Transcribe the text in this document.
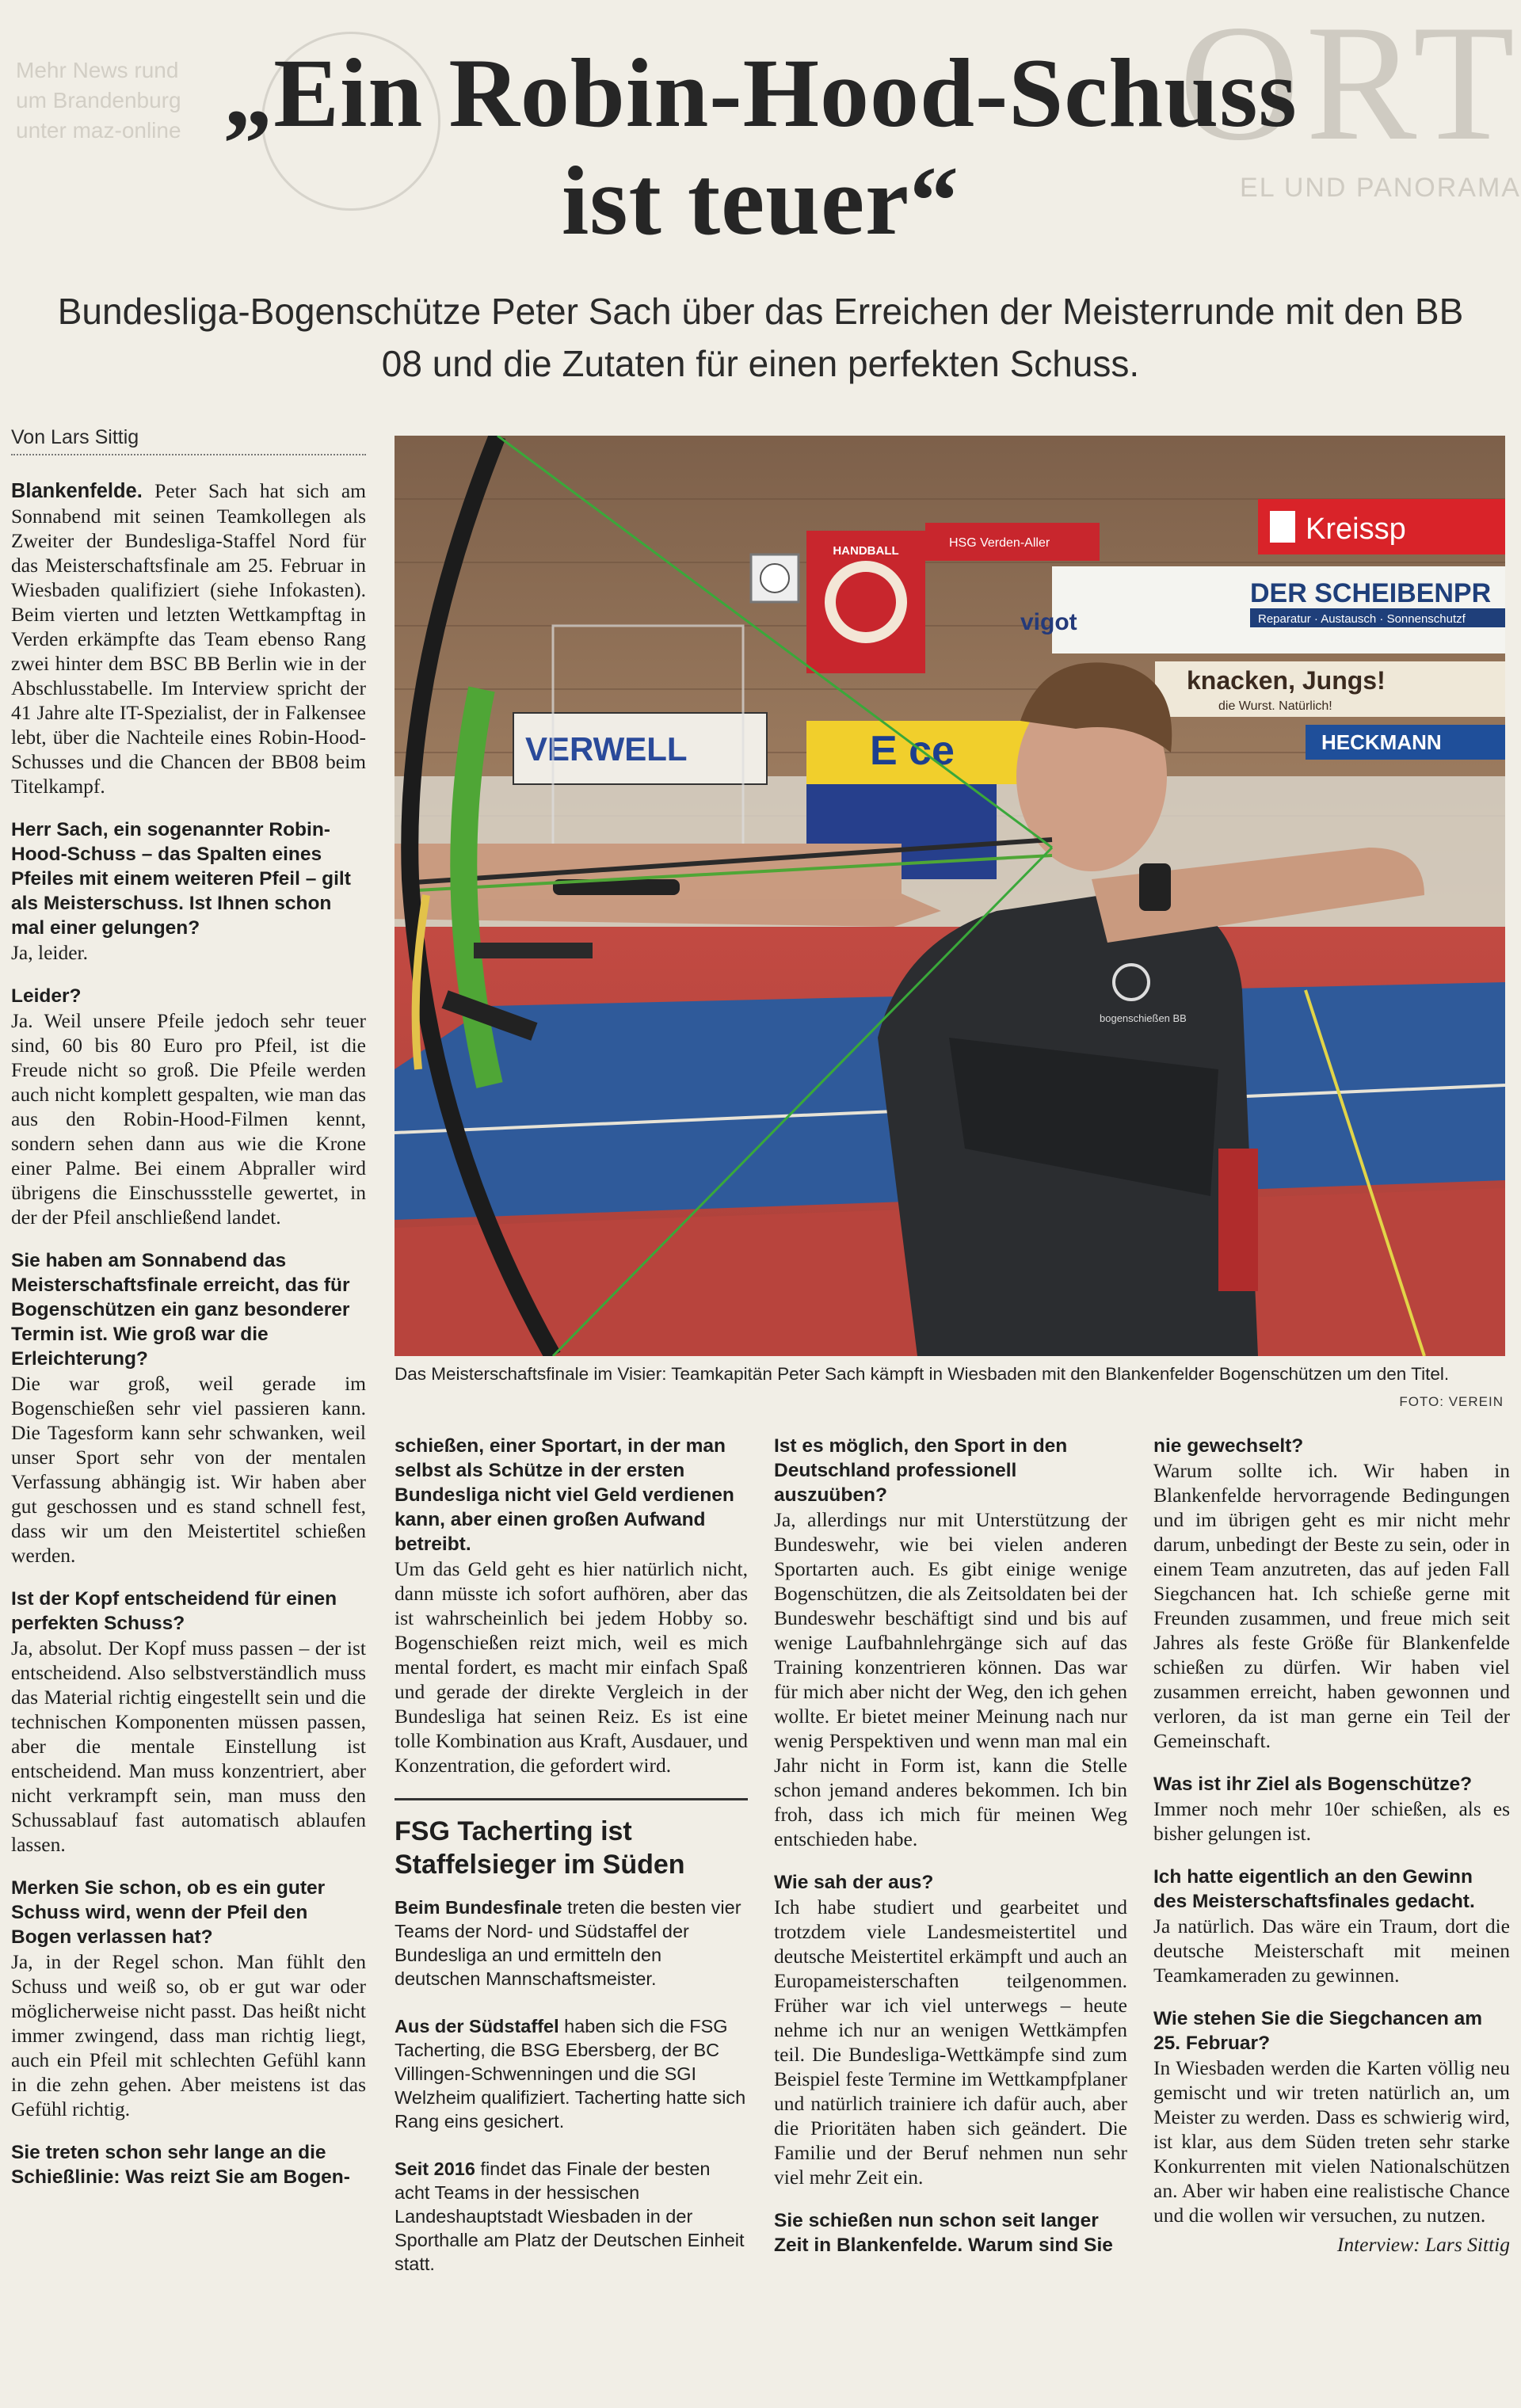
ORT
EL UND PANORAMA
Mehr News rund
um Brandenburg
unter maz-online „Ein Robin-Hood-Schuss
ist teuer“
Bundesliga-Bogenschütze Peter Sach über das Erreichen der Meisterrunde mit den BB 08 und die Zutaten für einen perfekten Schuss.
Von Lars Sittig

Blankenfelde. Peter Sach hat sich am Sonnabend mit seinen Teamkollegen als Zweiter der Bundesliga-Staffel Nord für das Meisterschaftsfinale am 25. Februar in Wiesbaden qualifiziert (siehe Infokasten). Beim vierten und letzten Wettkampftag in Verden erkämpfte das Team ebenso Rang zwei hinter dem BSC BB Berlin wie in der Abschlusstabelle. Im Interview spricht der 41 Jahre alte IT-Spezialist, der in Falkensee lebt, über die Nachteile eines Robin-Hood-Schusses und die Chancen der BB08 beim Titelkampf.

Herr Sach, ein sogenannter Robin-Hood-Schuss – das Spalten eines Pfeiles mit einem weiteren Pfeil – gilt als Meisterschuss. Ist Ihnen schon mal einer gelungen?

Ja, leider.

Leider?

Ja. Weil unsere Pfeile jedoch sehr teuer sind, 60 bis 80 Euro pro Pfeil, ist die Freude nicht so groß. Die Pfeile werden auch nicht komplett gespalten, wie man das aus den Robin-Hood-Filmen kennt, sondern sehen dann aus wie die Krone einer Palme. Bei einem Abpraller wird übrigens die Einschussstelle gewertet, in der der Pfeil anschließend landet.

Sie haben am Sonnabend das Meisterschaftsfinale erreicht, das für Bogenschützen ein ganz besonderer Termin ist. Wie groß war die Erleichterung?

Die war groß, weil gerade im Bogenschießen sehr viel passieren kann. Die Tagesform kann sehr schwanken, weil unser Sport sehr von der mentalen Verfassung abhängig ist. Wir haben aber gut geschossen und es stand schnell fest, dass wir um den Meistertitel schießen werden.

Ist der Kopf entscheidend für einen perfekten Schuss?

Ja, absolut. Der Kopf muss passen – der ist entscheidend. Also selbstverständlich muss das Material richtig eingestellt sein und die technischen Komponenten müssen passen, aber die mentale Einstellung ist entscheidend. Man muss konzentriert, aber nicht verkrampft sein, man muss den Schussablauf fast automatisch ablaufen lassen.

Merken Sie schon, ob es ein guter Schuss wird, wenn der Pfeil den Bogen verlassen hat?

Ja, in der Regel schon. Man fühlt den Schuss und weiß so, ob er gut war oder möglicherweise nicht passt. Das heißt nicht immer zwingend, dass man richtig liegt, auch ein Pfeil mit schlechten Gefühl kann in die zehn gehen. Aber meistens ist das Gefühl richtig.

Sie treten schon sehr lange an die Schießlinie: Was reizt Sie am Bogen-

HANDBALL
HSG Verden-Aller	Kreissp
DER SCHEIBENPR
Reparatur · Austausch · Sonnenschutzf
vigot
knacken, Jungs!
die Wurst. Natürlich!
HECKMANN
E ce
VERWELL
bogenschießen BB
Das Meisterschaftsfinale im Visier: Teamkapitän Peter Sach kämpft in Wiesbaden mit den Blankenfelder Bogenschützen um den Titel.
FOTO: VEREIN

schießen, einer Sportart, in der man selbst als Schütze in der ersten Bundesliga nicht viel Geld verdienen kann, aber einen großen Aufwand betreibt.

Um das Geld geht es hier natürlich nicht, dann müsste ich sofort aufhören, aber das ist wahrscheinlich bei jedem Hobby so. Bogenschießen reizt mich, weil es mich mental fordert, es macht mir einfach Spaß und gerade der direkte Vergleich in der Bundesliga hat seinen Reiz. Es ist eine tolle Kombination aus Kraft, Ausdauer, und Konzentration, die gefordert wird.

FSG Tacherting ist Staffelsieger im Süden

Beim Bundesfinale treten die besten vier Teams der Nord- und Südstaffel der Bundesliga an und ermitteln den deutschen Mannschaftsmeister.

Aus der Südstaffel haben sich die FSG Tacherting, die BSG Ebersberg, der BC Villingen-Schwenningen und die SGI Welzheim qualifiziert. Tacherting hatte sich Rang eins gesichert.

Seit 2016 findet das Finale der besten acht Teams in der hessischen Landeshauptstadt Wiesbaden in der Sporthalle am Platz der Deutschen Einheit statt.

Ist es möglich, den Sport in den Deutschland professionell auszuüben?

Ja, allerdings nur mit Unterstützung der Bundeswehr, wie bei vielen anderen Sportarten auch. Es gibt einige wenige Bogenschützen, die als Zeitsoldaten bei der Bundeswehr beschäftigt sind und bis auf wenige Laufbahnlehrgänge sich auf das Training konzentrieren können. Das war für mich aber nicht der Weg, den ich gehen wollte. Er bietet meiner Meinung nach nur wenig Perspektiven und wenn man mal ein Jahr nicht in Form ist, kann die Stelle schon jemand anderes bekommen. Ich bin froh, dass ich mich für meinen Weg entschieden habe.

Wie sah der aus?

Ich habe studiert und gearbeitet und trotzdem viele Landesmeistertitel und deutsche Meistertitel erkämpft und auch an Europameisterschaften teilgenommen. Früher war ich viel unterwegs – heute nehme ich nur an wenigen Wettkämpfen teil. Die Bundesliga-Wettkämpfe sind zum Beispiel feste Termine im Wettkampfplaner und natürlich trainiere ich dafür auch, aber die Prioritäten haben sich geändert. Die Familie und der Beruf nehmen nun sehr viel mehr Zeit ein.

Sie schießen nun schon seit langer Zeit in Blankenfelde. Warum sind Sie

nie gewechselt?

Warum sollte ich. Wir haben in Blankenfelde hervorragende Bedingungen und im übrigen geht es mir nicht mehr darum, unbedingt der Beste zu sein, oder in einem Team anzutreten, das auf jeden Fall Siegchancen hat. Ich schieße gerne mit Freunden zusammen, und freue mich seit Jahres als feste Größe für Blankenfelde schießen zu dürfen. Wir haben viel zusammen erreicht, haben gewonnen und verloren, da ist man gerne ein Teil der Gemeinschaft.

Was ist ihr Ziel als Bogenschütze?

Immer noch mehr 10er schießen, als es bisher gelungen ist.

Ich hatte eigentlich an den Gewinn des Meisterschaftsfinales gedacht.

Ja natürlich. Das wäre ein Traum, dort die deutsche Meisterschaft mit meinen Teamkameraden zu gewinnen.

Wie stehen Sie die Siegchancen am 25. Februar?

In Wiesbaden werden die Karten völlig neu gemischt und wir treten natürlich an, um Meister zu werden. Dass es schwierig wird, ist klar, aus dem Süden treten sehr starke Konkurrenten mit vielen Nationalschützen an. Aber wir haben eine realistische Chance und die wollen wir versuchen, zu nutzen.

Interview: Lars Sittig
